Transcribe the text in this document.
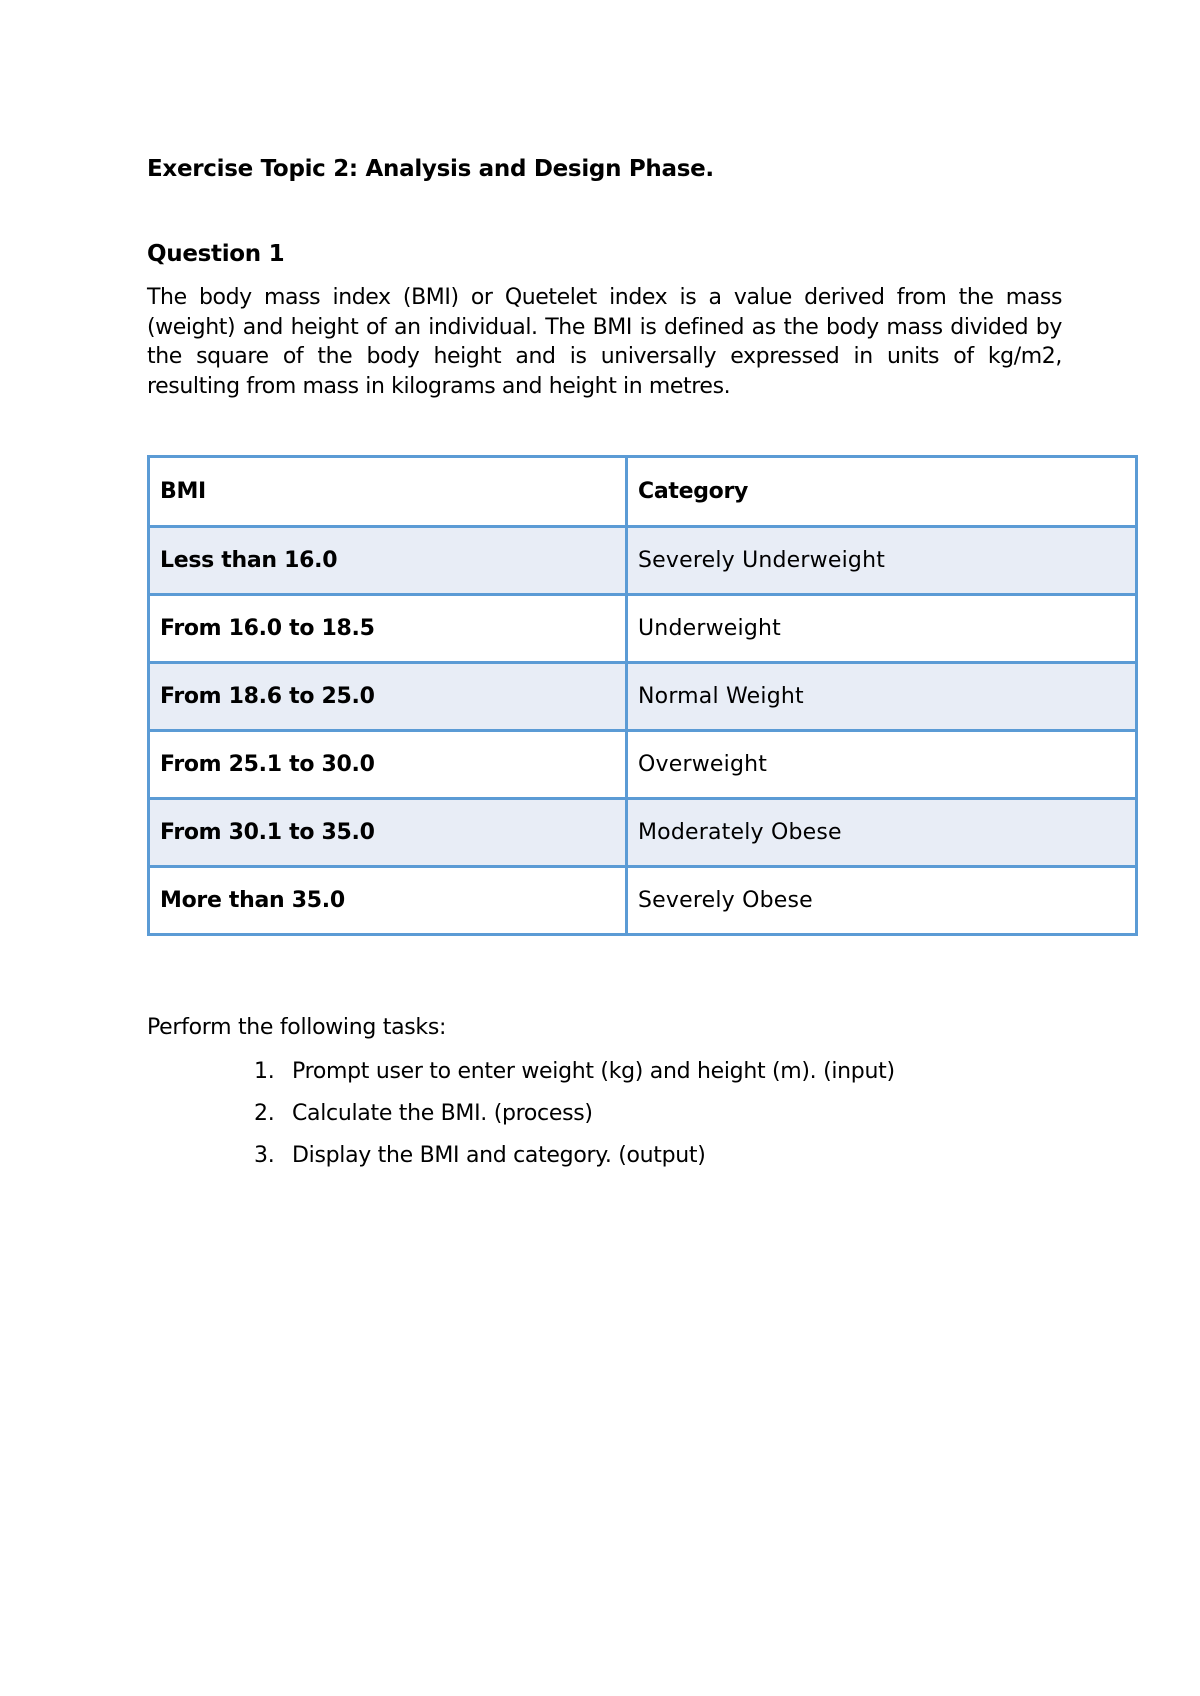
Exercise Topic 2: Analysis and Design Phase.
Question 1
The body mass index (BMI) or Quetelet index is a value derived from the mass (weight) and height of an individual. The BMI is defined as the body mass divided by the square of the body height and is universally expressed in units of kg/m2, resulting from mass in kilograms and height in metres.
BMI	Category
Less than 16.0	Severely Underweight
From 16.0 to 18.5	Underweight
From 18.6 to 25.0	Normal Weight
From 25.1 to 30.0	Overweight
From 30.1 to 35.0	Moderately Obese
More than 35.0	Severely Obese
Perform the following tasks:
1. Prompt user to enter weight (kg) and height (m). (input)
2. Calculate the BMI. (process)
3. Display the BMI and category. (output)
